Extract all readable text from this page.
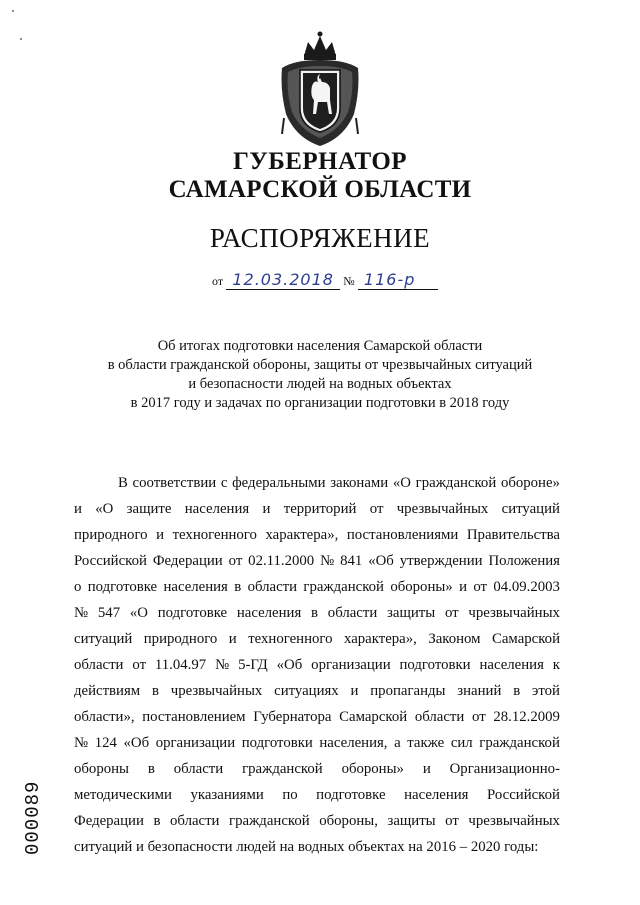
ГУБЕРНАТОР
САМАРСКОЙ ОБЛАСТИ
РАСПОРЯЖЕНИЕ
от 12.03.2018 № 116-р
Об итогах подготовки населения Самарской области
в области гражданской обороны, защиты от чрезвычайных ситуаций
и безопасности людей на водных объектах
в 2017 году и задачах по организации подготовки в 2018 году
В соответствии с федеральными законами «О гражданской обороне»
и «О защите населения и территорий от чрезвычайных ситуаций
природного и техногенного характера», постановлениями Правительства
Российской Федерации от 02.11.2000 № 841 «Об утверждении Положения
о подготовке населения в области гражданской обороны» и от 04.09.2003
№ 547 «О подготовке населения в области защиты от чрезвычайных
ситуаций природного и техногенного характера», Законом Самарской
области от 11.04.97 № 5-ГД «Об организации подготовки населения к
действиям в чрезвычайных ситуациях и пропаганды знаний в этой
области», постановлением Губернатора Самарской области от 28.12.2009
№ 124 «Об организации подготовки населения, а также сил гражданской
обороны в области гражданской обороны» и Организационно-
методическими указаниями по подготовке населения Российской
Федерации в области гражданской обороны, защиты от чрезвычайных
ситуаций и безопасности людей на водных объектах на 2016 – 2020 годы:
000089
